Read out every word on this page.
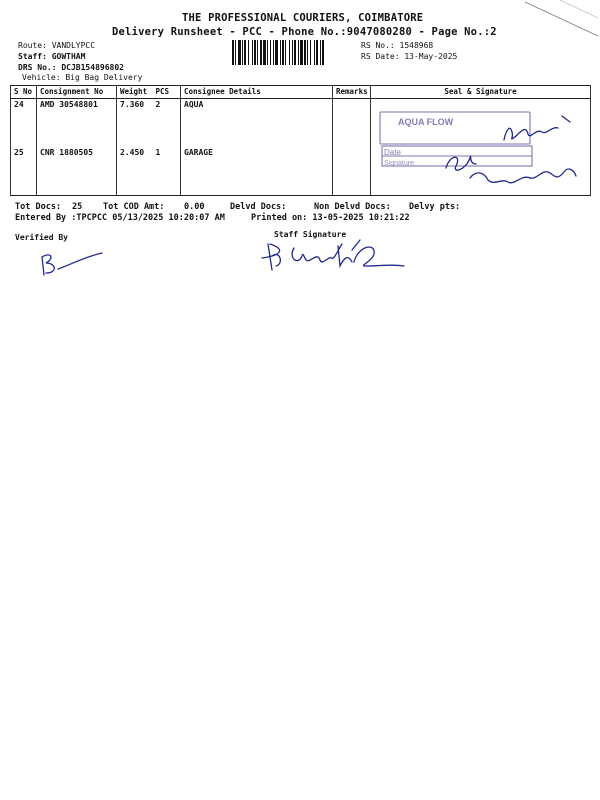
THE PROFESSIONAL COURIERS, COIMBATORE
Delivery Runsheet - PCC - Phone No.:9047080280 - Page No.:2
Route: VANDLYPCC
Staff: GOWTHAM
DRS No.: DCJB154896802
Vehicle: Big Bag Delivery
RS No.: 1548968
RS Date: 13-May-2025
S No	Consignment No	Weight	PCS	Consignee Details	Remarks	Seal & Signature
24	AMD 30548801	7.360	2	AQUA		
25	CNR 1880505	2.450	1	GARAGE		
AQUA FLOW
Date
Signature
Tot Docs: 25 Tot COD Amt: 0.00	Delvd Docs:	Non Delvd Docs: Delvy pts:
Entered By :TPCPCC 05/13/2025 10:20:07 AM	Printed on: 13-05-2025 10:21:22
Verified By	Staff Signature
